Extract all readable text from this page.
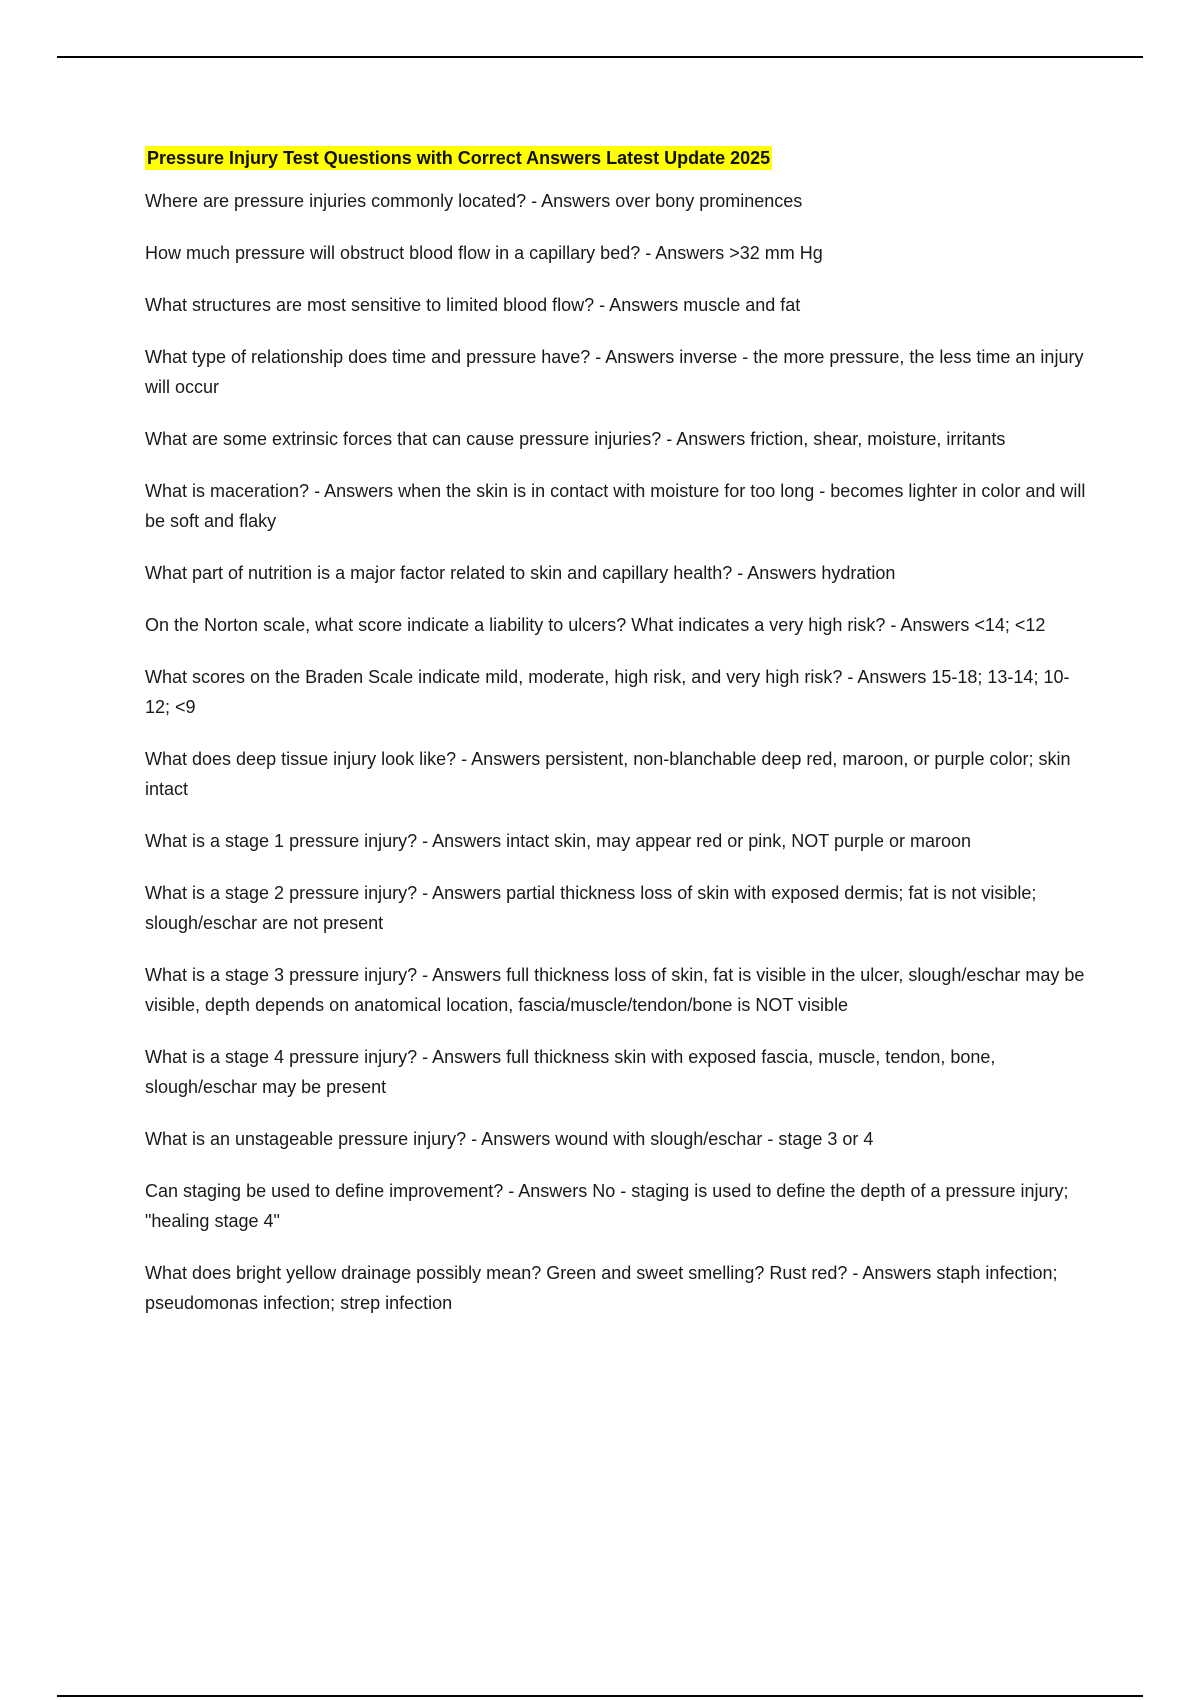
Pressure Injury Test Questions with Correct Answers Latest Update 2025

Where are pressure injuries commonly located? - Answers over bony prominences

How much pressure will obstruct blood flow in a capillary bed? - Answers >32 mm Hg

What structures are most sensitive to limited blood flow? - Answers muscle and fat

What type of relationship does time and pressure have? - Answers inverse - the more pressure, the less time an injury will occur

What are some extrinsic forces that can cause pressure injuries? - Answers friction, shear, moisture, irritants

What is maceration? - Answers when the skin is in contact with moisture for too long - becomes lighter in color and will be soft and flaky

What part of nutrition is a major factor related to skin and capillary health? - Answers hydration

On the Norton scale, what score indicate a liability to ulcers? What indicates a very high risk? - Answers <14; <12

What scores on the Braden Scale indicate mild, moderate, high risk, and very high risk? - Answers 15-18; 13-14; 10-12; <9

What does deep tissue injury look like? - Answers persistent, non-blanchable deep red, maroon, or purple color; skin intact

What is a stage 1 pressure injury? - Answers intact skin, may appear red or pink, NOT purple or maroon

What is a stage 2 pressure injury? - Answers partial thickness loss of skin with exposed dermis; fat is not visible; slough/eschar are not present

What is a stage 3 pressure injury? - Answers full thickness loss of skin, fat is visible in the ulcer, slough/eschar may be visible, depth depends on anatomical location, fascia/muscle/tendon/bone is NOT visible

What is a stage 4 pressure injury? - Answers full thickness skin with exposed fascia, muscle, tendon, bone, slough/eschar may be present

What is an unstageable pressure injury? - Answers wound with slough/eschar - stage 3 or 4

Can staging be used to define improvement? - Answers No - staging is used to define the depth of a pressure injury; "healing stage 4"

What does bright yellow drainage possibly mean? Green and sweet smelling? Rust red? - Answers staph infection; pseudomonas infection; strep infection
